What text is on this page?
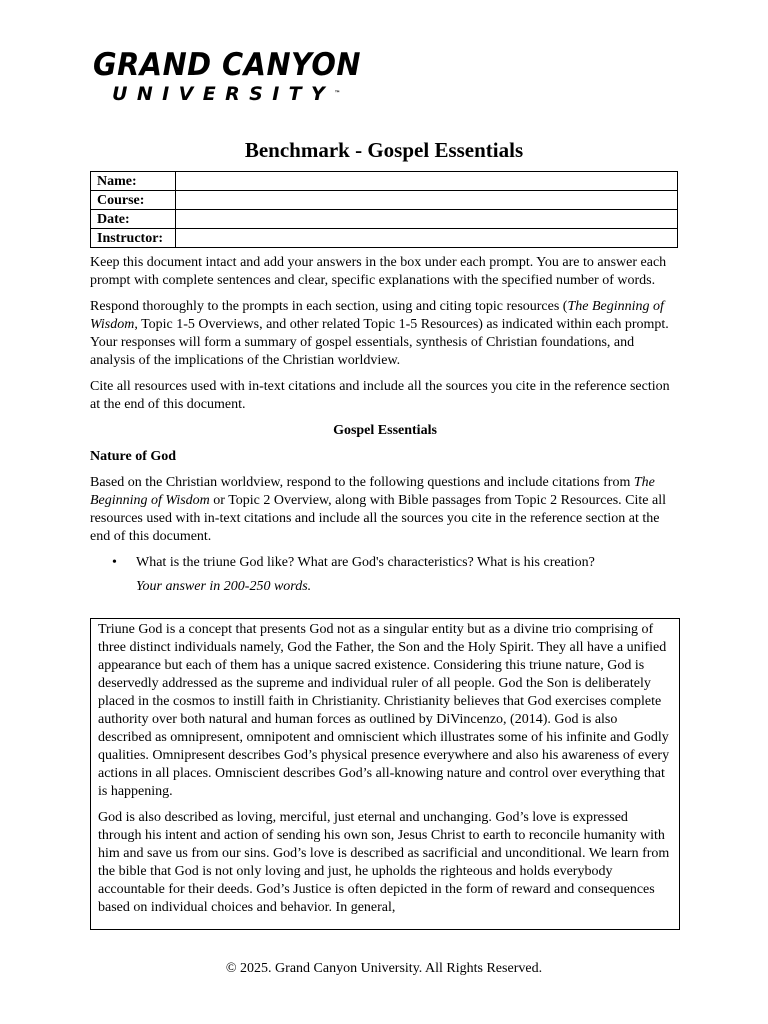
GRAND CANYON
UNIVERSITY™
Benchmark - Gospel Essentials
Name:	
Course:	
Date:	
Instructor:	

Keep this document intact and add your answers in the box under each prompt. You are to answer each prompt with complete sentences and clear, specific explanations with the specified number of words.

Respond thoroughly to the prompts in each section, using and citing topic resources (The Beginning of Wisdom, Topic 1-5 Overviews, and other related Topic 1-5 Resources) as indicated within each prompt. Your responses will form a summary of gospel essentials, synthesis of Christian foundations, and analysis of the implications of the Christian worldview.

Cite all resources used with in-text citations and include all the sources you cite in the reference section at the end of this document.

Gospel Essentials
Nature of God

Based on the Christian worldview, respond to the following questions and include citations from The Beginning of Wisdom or Topic 2 Overview, along with Bible passages from Topic 2 Resources. Cite all resources used with in-text citations and include all the sources you cite in the reference section at the end of this document.

• What is the triune God like? What are God's characteristics? What is his creation?
Your answer in 200-250 words.

Triune God is a concept that presents God not as a singular entity but as a divine trio comprising of three distinct individuals namely, God the Father, the Son and the Holy Spirit. They all have a unified appearance but each of them has a unique sacred existence. Considering this triune nature, God is deservedly addressed as the supreme and individual ruler of all people. God the Son is deliberately placed in the cosmos to instill faith in Christianity. Christianity believes that God exercises complete authority over both natural and human forces as outlined by DiVincenzo, (2014). God is also described as omnipresent, omnipotent and omniscient which illustrates some of his infinite and Godly qualities. Omnipresent describes God’s physical presence everywhere and also his awareness of every actions in all places. Omniscient describes God’s all-knowing nature and control over everything that is happening.

God is also described as loving, merciful, just eternal and unchanging. God’s love is expressed through his intent and action of sending his own son, Jesus Christ to earth to reconcile humanity with him and save us from our sins. God’s love is described as sacrificial and unconditional. We learn from the bible that God is not only loving and just, he upholds the righteous and holds everybody accountable for their deeds. God’s Justice is often depicted in the form of reward and consequences based on individual choices and behavior. In general,

© 2025. Grand Canyon University. All Rights Reserved.
